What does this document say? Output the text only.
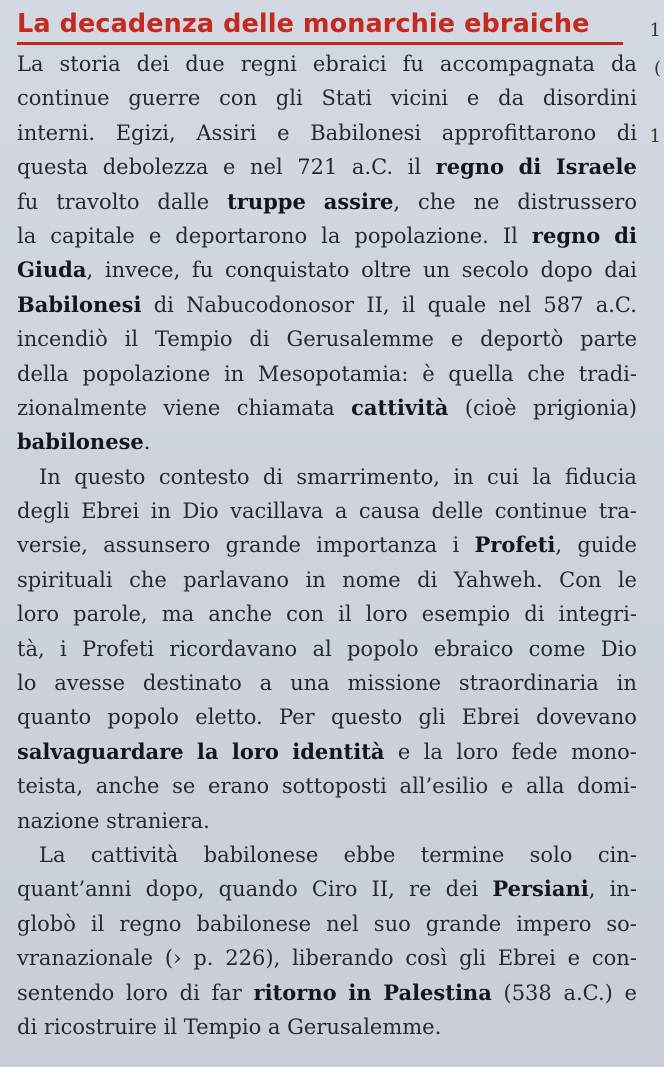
La decadenza delle monarchie ebraiche
La storia dei due regni ebraici fu accompagnata da
continue guerre con gli Stati vicini e da disordini
interni. Egizi, Assiri e Babilonesi approfittarono di
questa debolezza e nel 721 a.C. il regno di Israele
fu travolto dalle truppe assire, che ne distrussero
la capitale e deportarono la popolazione. Il regno di
Giuda, invece, fu conquistato oltre un secolo dopo dai
Babilonesi di Nabucodonosor II, il quale nel 587 a.C.
incendiò il Tempio di Gerusalemme e deportò parte
della popolazione in Mesopotamia: è quella che tradi-
zionalmente viene chiamata cattività (cioè prigionia)
babilonese.
In questo contesto di smarrimento, in cui la fiducia
degli Ebrei in Dio vacillava a causa delle continue tra-
versie, assunsero grande importanza i Profeti, guide
spirituali che parlavano in nome di Yahweh. Con le
loro parole, ma anche con il loro esempio di integri-
tà, i Profeti ricordavano al popolo ebraico come Dio
lo avesse destinato a una missione straordinaria in
quanto popolo eletto. Per questo gli Ebrei dovevano
salvaguardare la loro identità e la loro fede mono-
teista, anche se erano sottoposti all’esilio e alla domi-
nazione straniera.
La cattività babilonese ebbe termine solo cin-
quant’anni dopo, quando Ciro II, re dei Persiani, in-
globò il regno babilonese nel suo grande impero so-
vranazionale (› p. 226), liberando così gli Ebrei e con-
sentendo loro di far ritorno in Palestina (538 a.C.) e
di ricostruire il Tempio a Gerusalemme.
1
(
1
